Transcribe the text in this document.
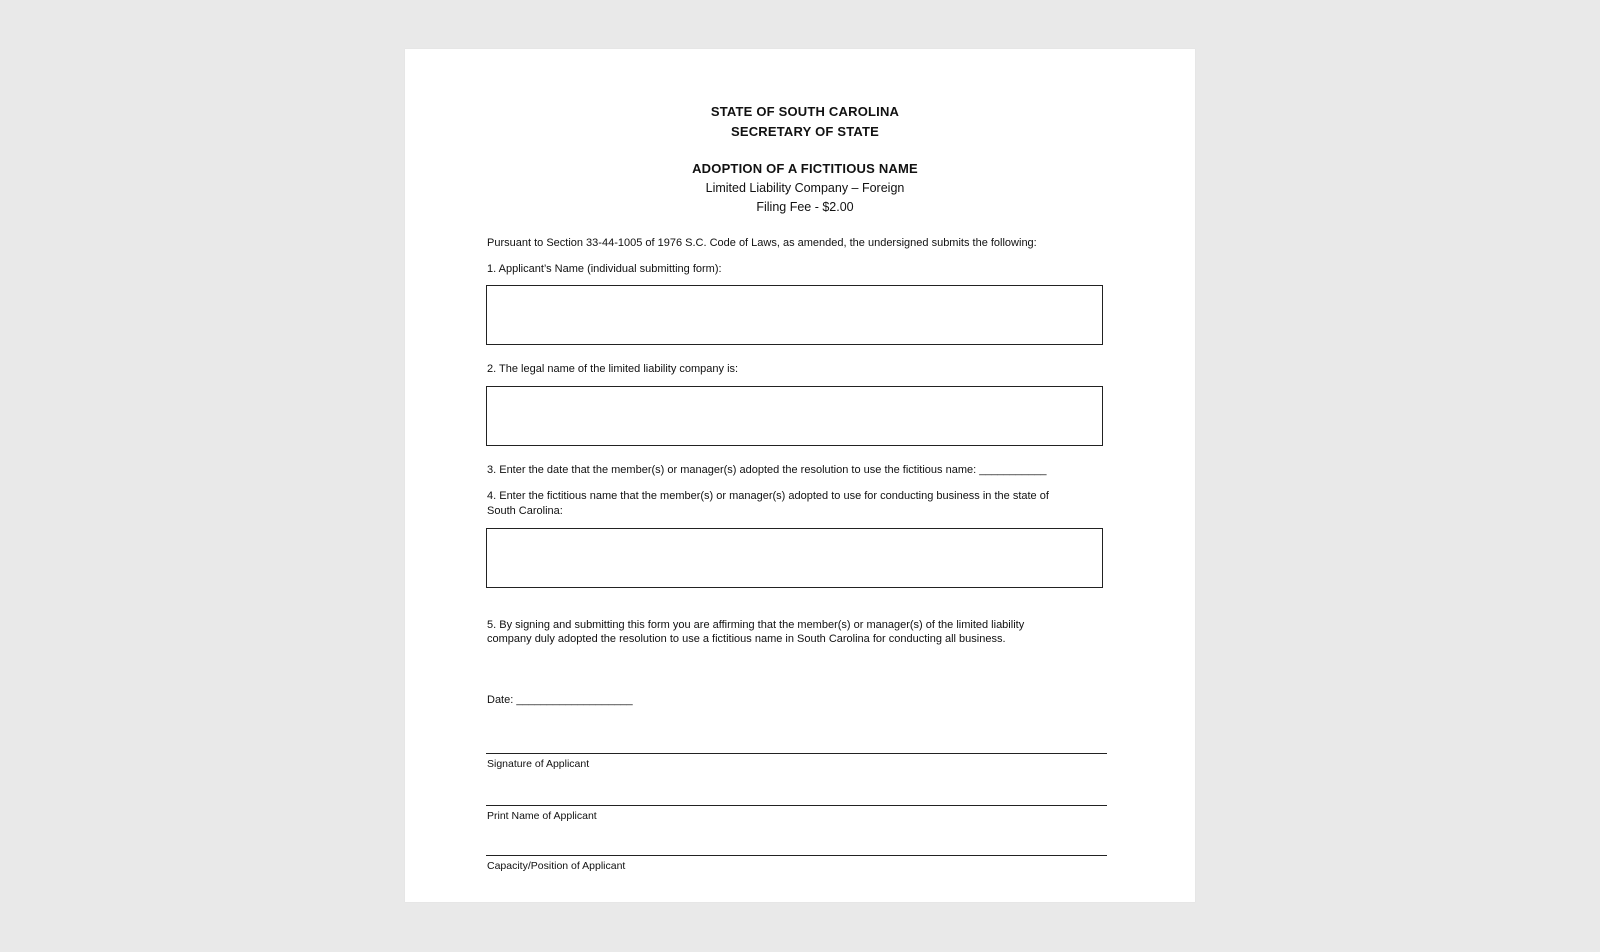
STATE OF SOUTH CAROLINA
SECRETARY OF STATE
ADOPTION OF A FICTITIOUS NAME
Limited Liability Company – Foreign
Filing Fee - $2.00
Pursuant to Section 33-44-1005 of 1976 S.C. Code of Laws, as amended, the undersigned submits the following:
1. Applicant’s Name (individual submitting form):
2. The legal name of the limited liability company is:
3. Enter the date that the member(s) or manager(s) adopted the resolution to use the fictitious name: ___________
4. Enter the fictitious name that the member(s) or manager(s) adopted to use for conducting business in the state of
South Carolina:
5. By signing and submitting this form you are affirming that the member(s) or manager(s) of the limited liability
company duly adopted the resolution to use a fictitious name in South Carolina for conducting all business.
Date: ___________________
Signature of Applicant
Print Name of Applicant
Capacity/Position of Applicant
